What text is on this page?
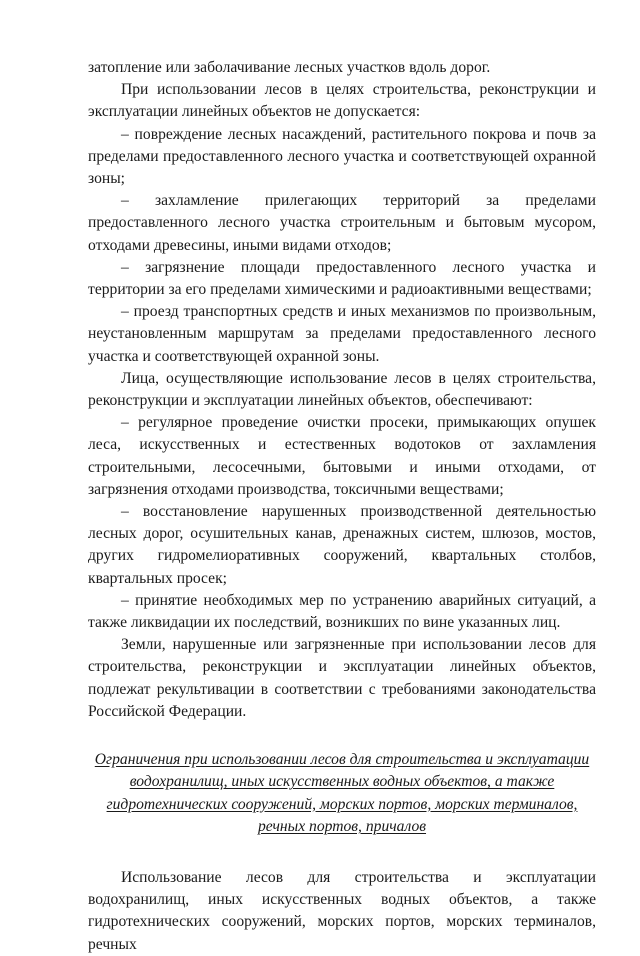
затопление или заболачивание лесных участков вдоль дорог.

При использовании лесов в целях строительства, реконструкции и эксплуатации линейных объектов не допускается:

– повреждение лесных насаждений, растительного покрова и почв за пределами предоставленного лесного участка и соответствующей охранной зоны;

– захламление прилегающих территорий за пределами предоставленного лесного участка строительным и бытовым мусором, отходами древесины, иными видами отходов;

– загрязнение площади предоставленного лесного участка и территории за его пределами химическими и радиоактивными веществами;

– проезд транспортных средств и иных механизмов по произвольным, неустановленным маршрутам за пределами предоставленного лесного участка и соответствующей охранной зоны.

Лица, осуществляющие использование лесов в целях строительства, реконструкции и эксплуатации линейных объектов, обеспечивают:

– регулярное проведение очистки просеки, примыкающих опушек леса, искусственных и естественных водотоков от захламления строительными, лесосечными, бытовыми и иными отходами, от загрязнения отходами производства, токсичными веществами;

– восстановление нарушенных производственной деятельностью лесных дорог, осушительных канав, дренажных систем, шлюзов, мостов, других гидромелиоративных сооружений, квартальных столбов, квартальных просек;

– принятие необходимых мер по устранению аварийных ситуаций, а также ликвидации их последствий, возникших по вине указанных лиц.

Земли, нарушенные или загрязненные при использовании лесов для строительства, реконструкции и эксплуатации линейных объектов, подлежат рекультивации в соответствии с требованиями законодательства Российской Федерации.

Ограничения при использовании лесов для строительства и эксплуатации водохранилищ, иных искусственных водных объектов, а также гидротехнических сооружений, морских портов, морских терминалов, речных портов, причалов

Использование лесов для строительства и эксплуатации водохранилищ, иных искусственных водных объектов, а также гидротехнических сооружений, морских портов, морских терминалов, речных
